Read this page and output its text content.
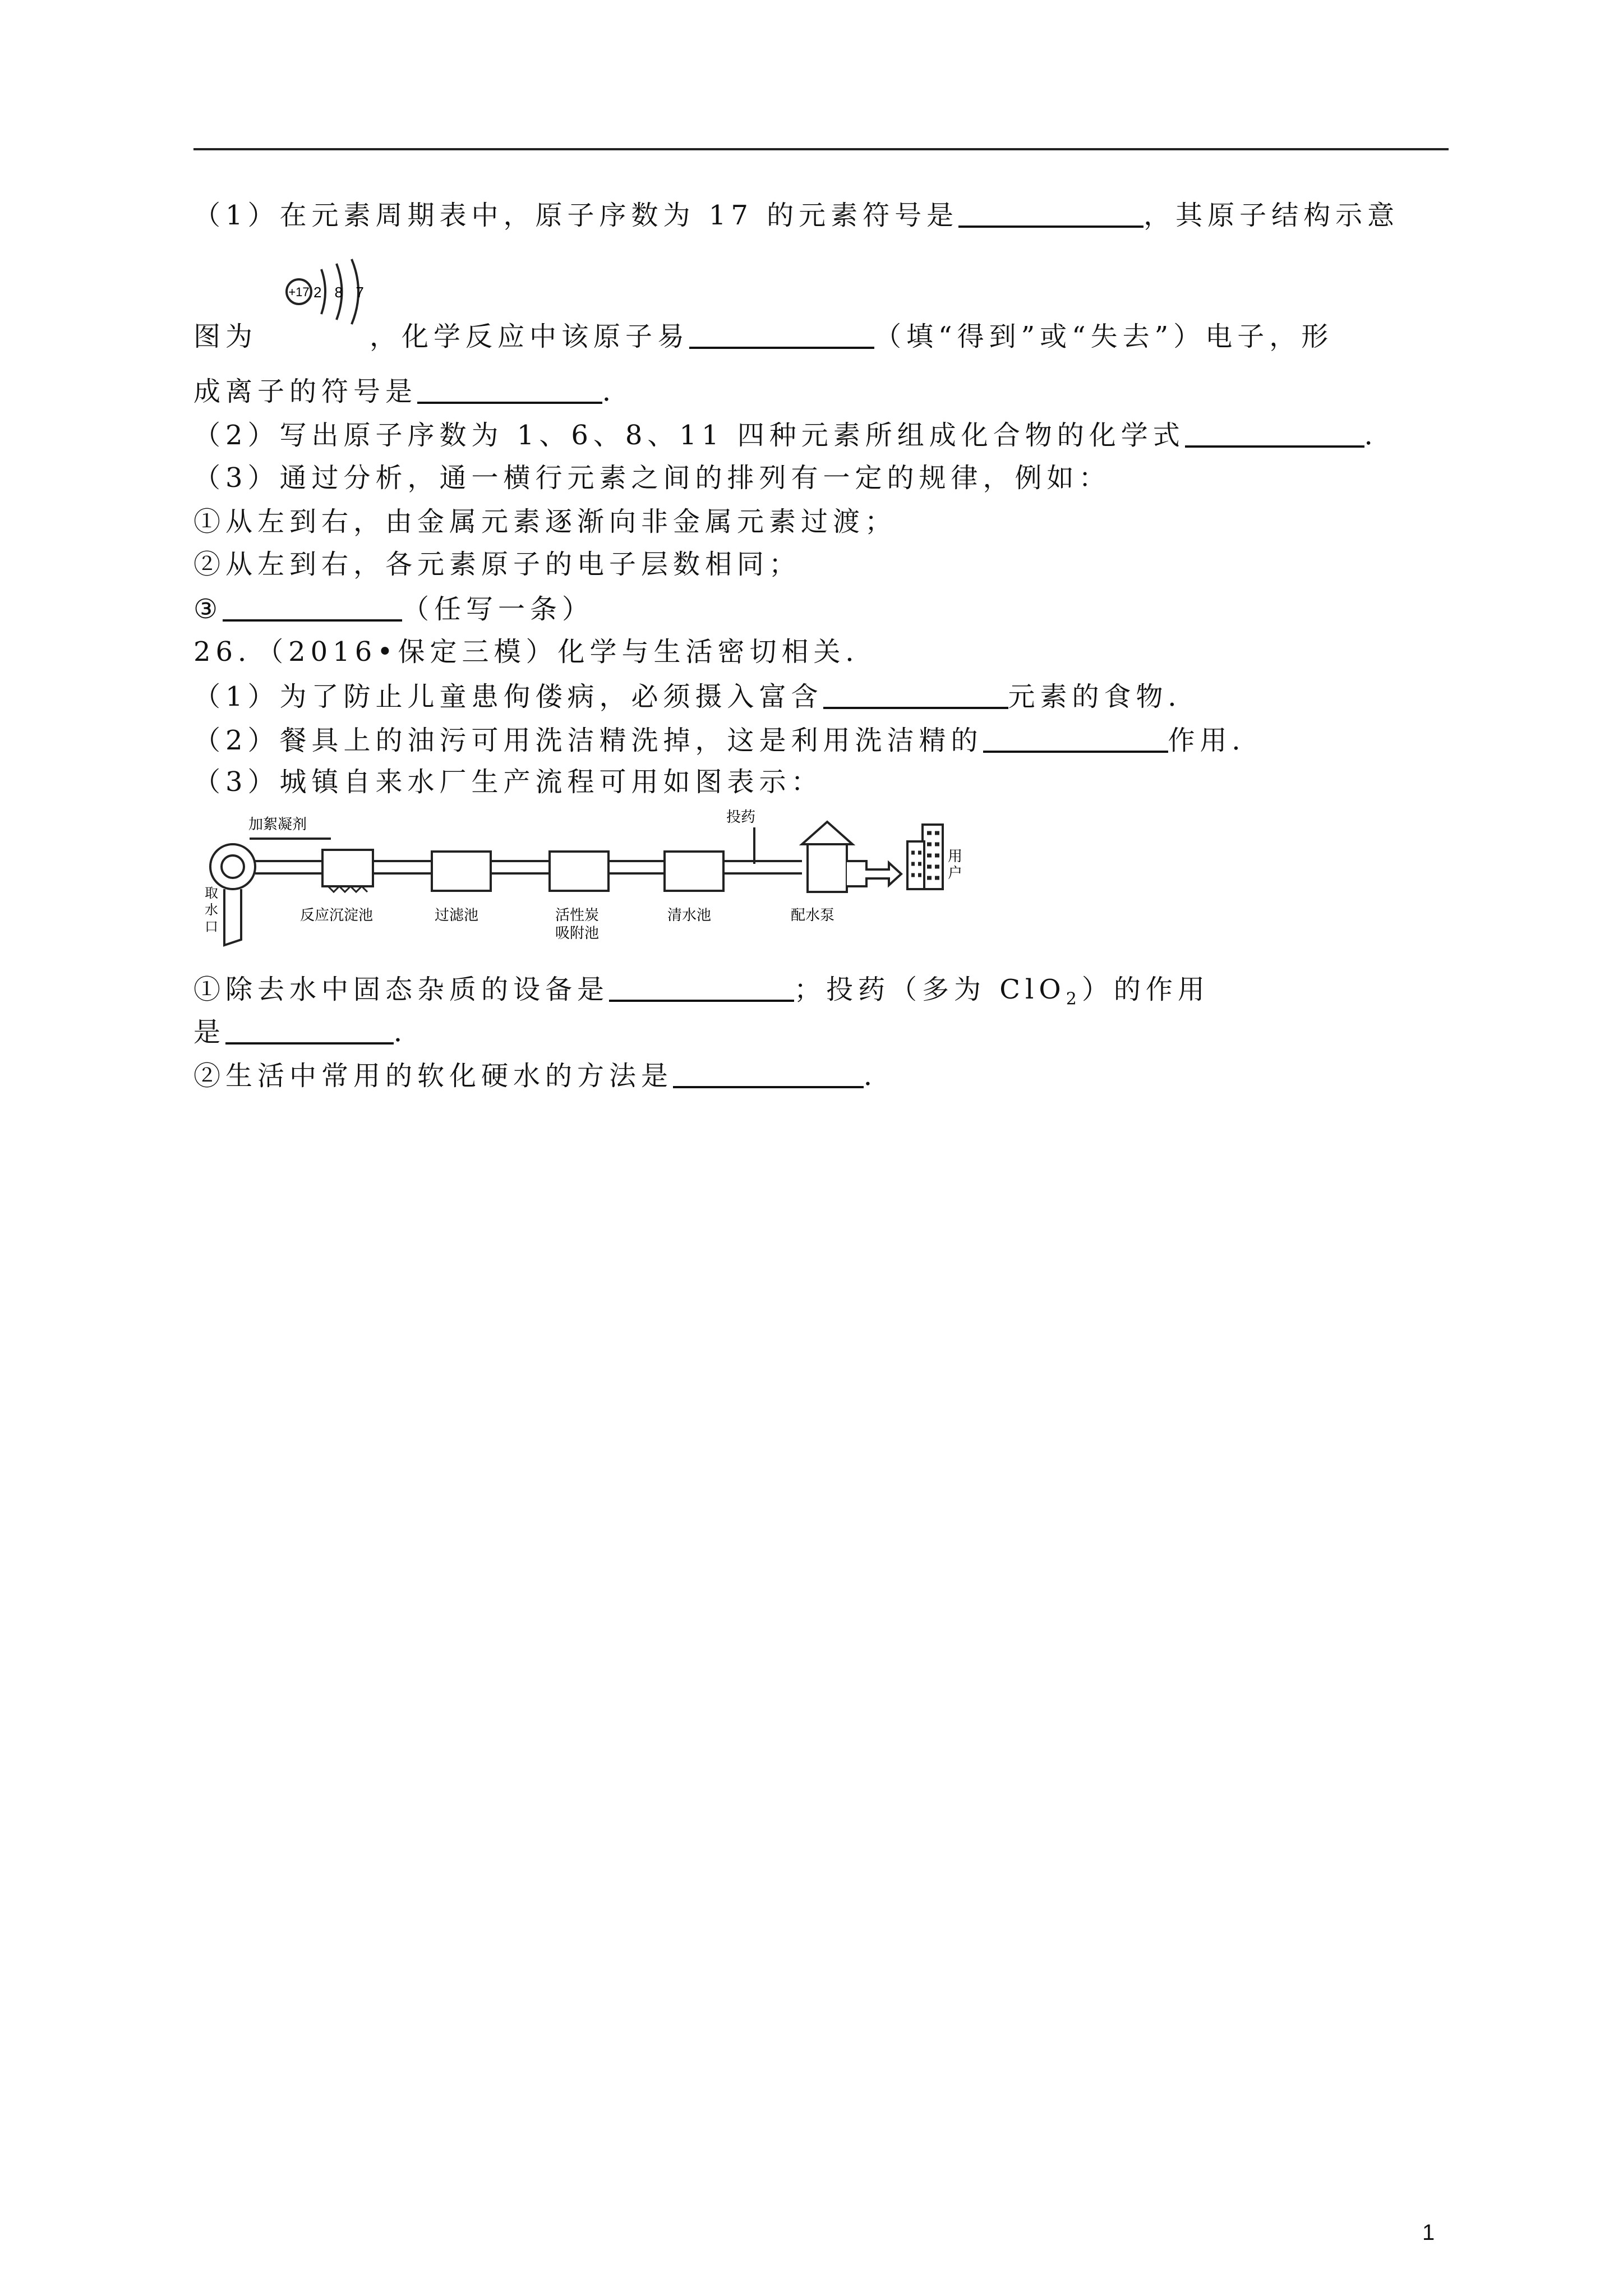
（1）在元素周期表中，原子序数为 17 的元素符号是	，其原子结构示意
+17 2 8 7
图为	，化学反应中该原子易	（填“得到”或“失去”）电子，形
成离子的符号是	．
（2）写出原子序数为 1、6、8、11 四种元素所组成化合物的化学式	．
（3）通过分析，通一横行元素之间的排列有一定的规律，例如：
①从左到右，由金属元素逐渐向非金属元素过渡；
②从左到右，各元素原子的电子层数相同；
③	（任写一条）
26．（2016•保定三模）化学与生活密切相关．
（1）为了防止儿童患佝偻病，必须摄入富含	元素的食物．
（2）餐具上的油污可用洗洁精洗掉，这是利用洗洁精的	作用．
（3）城镇自来水厂生产流程可用如图表示：
取
水
口
加絮凝剂
反应沉淀池	过滤池	活性炭
吸附池
清水池
投药
配水泵
用
户
①除去水中固态杂质的设备是	；投药（多为 ClO$_2$）的作用
是	．
②生活中常用的软化硬水的方法是	．
1
